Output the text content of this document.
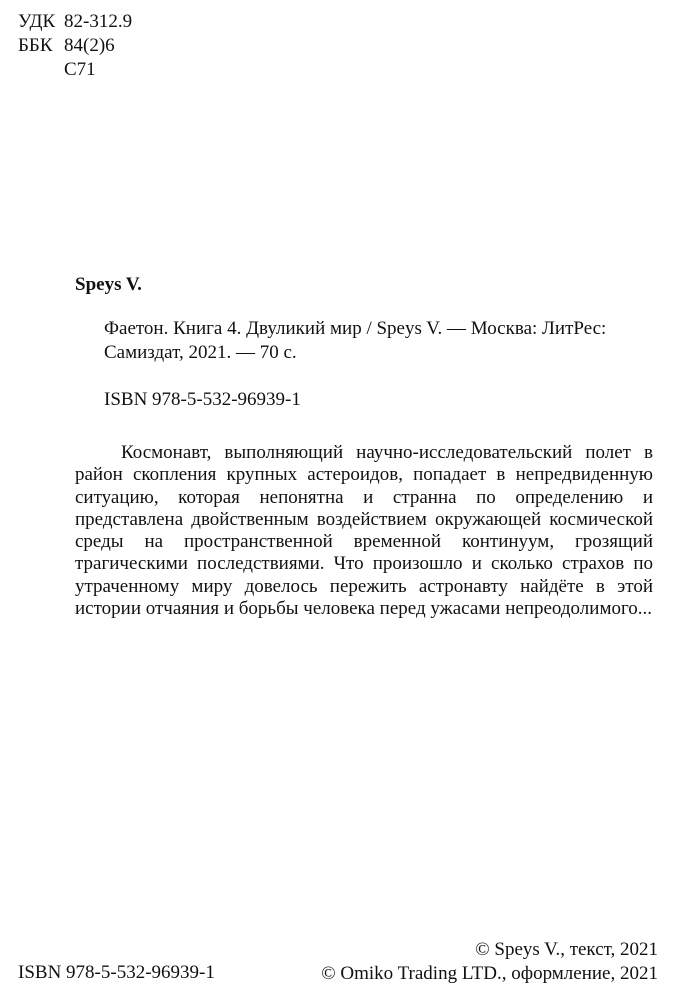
УДК 82-312.9
ББК 84(2)6
С71
Speys V.
Фаетон. Книга 4. Двуликий мир / Speys V. — Москва: ЛитРес:
Самиздат, 2021. — 70 с.
ISBN 978-5-532-96939-1

Космонавт, выполняющий научно-исследовательский полет в район скопления крупных астероидов, попадает в непредвиденную ситуацию, которая непонятна и странна по определению и представлена двойственным воздействием окружающей космической среды на пространственной временной континуум, грозящий трагическими последствиями. Что произошло и сколько страхов по утраченному миру довелось пережить астронавту найдёте в этой истории отчаяния и борьбы человека перед ужасами непреодолимого...

ISBN 978-5-532-96939-1
© Speys V., текст, 2021
© Omiko Trading LTD., оформление, 2021
